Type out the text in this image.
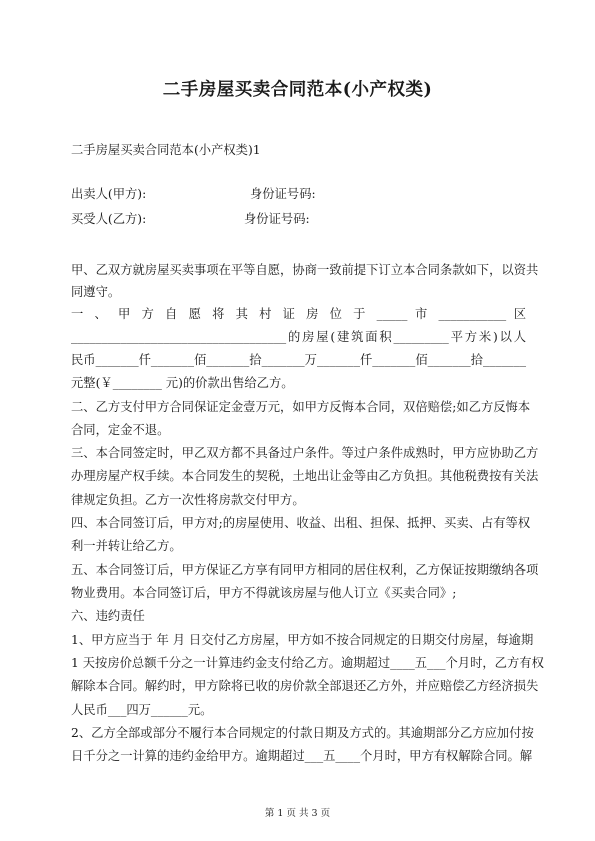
二手房屋买卖合同范本(小产权类)
二手房屋买卖合同范本(小产权类)1
出卖人(甲方):	身份证号码:
买受人(乙方):	身份证号码:
甲、乙双方就房屋买卖事项在平等自愿，协商一致前提下订立本合同条款如下，以资共
同遵守。
一 、 甲 方 自 愿 将 其 村 证 房 位 于 _____ 市 ___________ 区
___________________________________的房屋(建筑面积_________平方米)以人
民币_______仟_______佰_______拾_______万_______仟_______佰_______拾_______
元整(￥________ 元)的价款出售给乙方。
二、乙方支付甲方合同保证定金壹万元，如甲方反悔本合同，双倍赔偿;如乙方反悔本
合同，定金不退。
三、本合同签定时，甲乙双方都不具备过户条件。等过户条件成熟时，甲方应协助乙方
办理房屋产权手续。本合同发生的契税，土地出让金等由乙方负担。其他税费按有关法
律规定负担。乙方一次性将房款交付甲方。
四、本合同签订后，甲方对;的房屋使用、收益、出租、担保、抵押、买卖、占有等权
利一并转让给乙方。
五、本合同签订后，甲方保证乙方享有同甲方相同的居住权利，乙方保证按期缴纳各项
物业费用。本合同签订后，甲方不得就该房屋与他人订立《买卖合同》;
六、违约责任
1、甲方应当于 年 月 日交付乙方房屋，甲方如不按合同规定的日期交付房屋，每逾期
1 天按房价总额千分之一计算违约金支付给乙方。逾期超过____五___个月时，乙方有权
解除本合同。解约时，甲方除将已收的房价款全部退还乙方外，并应赔偿乙方经济损失
人民币___四万______元。
2、乙方全部或部分不履行本合同规定的付款日期及方式的。其逾期部分乙方应加付按
日千分之一计算的违约金给甲方。逾期超过___五____个月时，甲方有权解除合同。解
第 1 页 共 3 页
